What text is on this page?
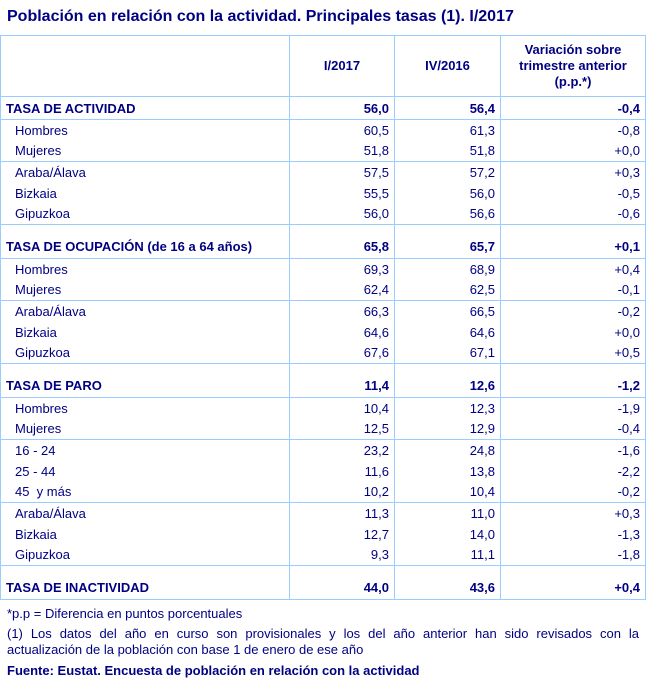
Población en relación con la actividad. Principales tasas (1). I/2017
	I/2017	IV/2016	Variación sobre trimestre anterior (p.p.*)
TASA DE ACTIVIDAD	56,0	56,4	-0,4
Hombres	60,5	61,3	-0,8
Mujeres	51,8	51,8	+0,0
Araba/Álava	57,5	57,2	+0,3
Bizkaia	55,5	56,0	-0,5
Gipuzkoa	56,0	56,6	-0,6

TASA DE OCUPACIÓN (de 16 a 64 años)	65,8	65,7	+0,1
Hombres	69,3	68,9	+0,4
Mujeres	62,4	62,5	-0,1
Araba/Álava	66,3	66,5	-0,2
Bizkaia	64,6	64,6	+0,0
Gipuzkoa	67,6	67,1	+0,5

TASA DE PARO	11,4	12,6	-1,2
Hombres	10,4	12,3	-1,9
Mujeres	12,5	12,9	-0,4
16 - 24	23,2	24,8	-1,6
25 - 44	11,6	13,8	-2,2
45  y más	10,2	10,4	-0,2
Araba/Álava	11,3	11,0	+0,3
Bizkaia	12,7	14,0	-1,3
Gipuzkoa	9,3	11,1	-1,8

TASA DE INACTIVIDAD	44,0	43,6	+0,4

*p.p = Diferencia en puntos porcentuales

(1) Los datos del año en curso son provisionales y los del año anterior han sido revisados con la actualización de la población con base 1 de enero de ese año

Fuente: Eustat. Encuesta de población en relación con la actividad
